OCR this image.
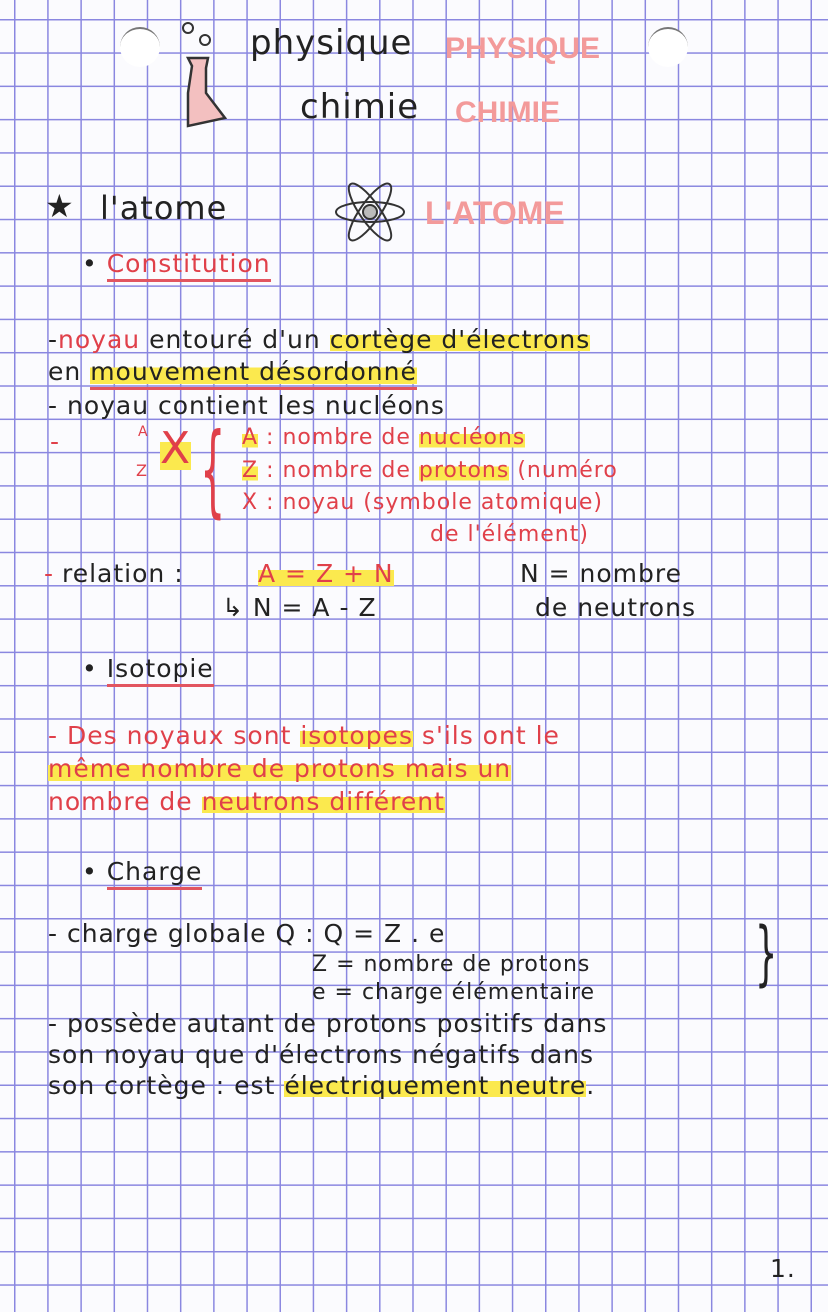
physique PHYSIQUE
chimie CHIMIE
★ l'atome	L'ATOME
• Constitution
-noyau entouré d'un cortège d'électrons
en mouvement désordonné
- noyau contient les nucléons
-	A
Z X { A : nombre de nucléons
Z : nombre de protons (numéro
X : noyau (symbole atomique)
de l'élément)
- relation :	A = Z + N
↳ N = A - Z
N = nombre
de neutrons
• Isotopie
- Des noyaux sont isotopes s'ils ont le
même nombre de protons mais un
nombre de neutrons différent
• Charge
- charge globale Q : Q = Z . e
Z = nombre de protons
e = charge élémentaire }
- possède autant de protons positifs dans
son noyau que d'électrons négatifs dans
son cortège : est électriquement neutre.
1.
